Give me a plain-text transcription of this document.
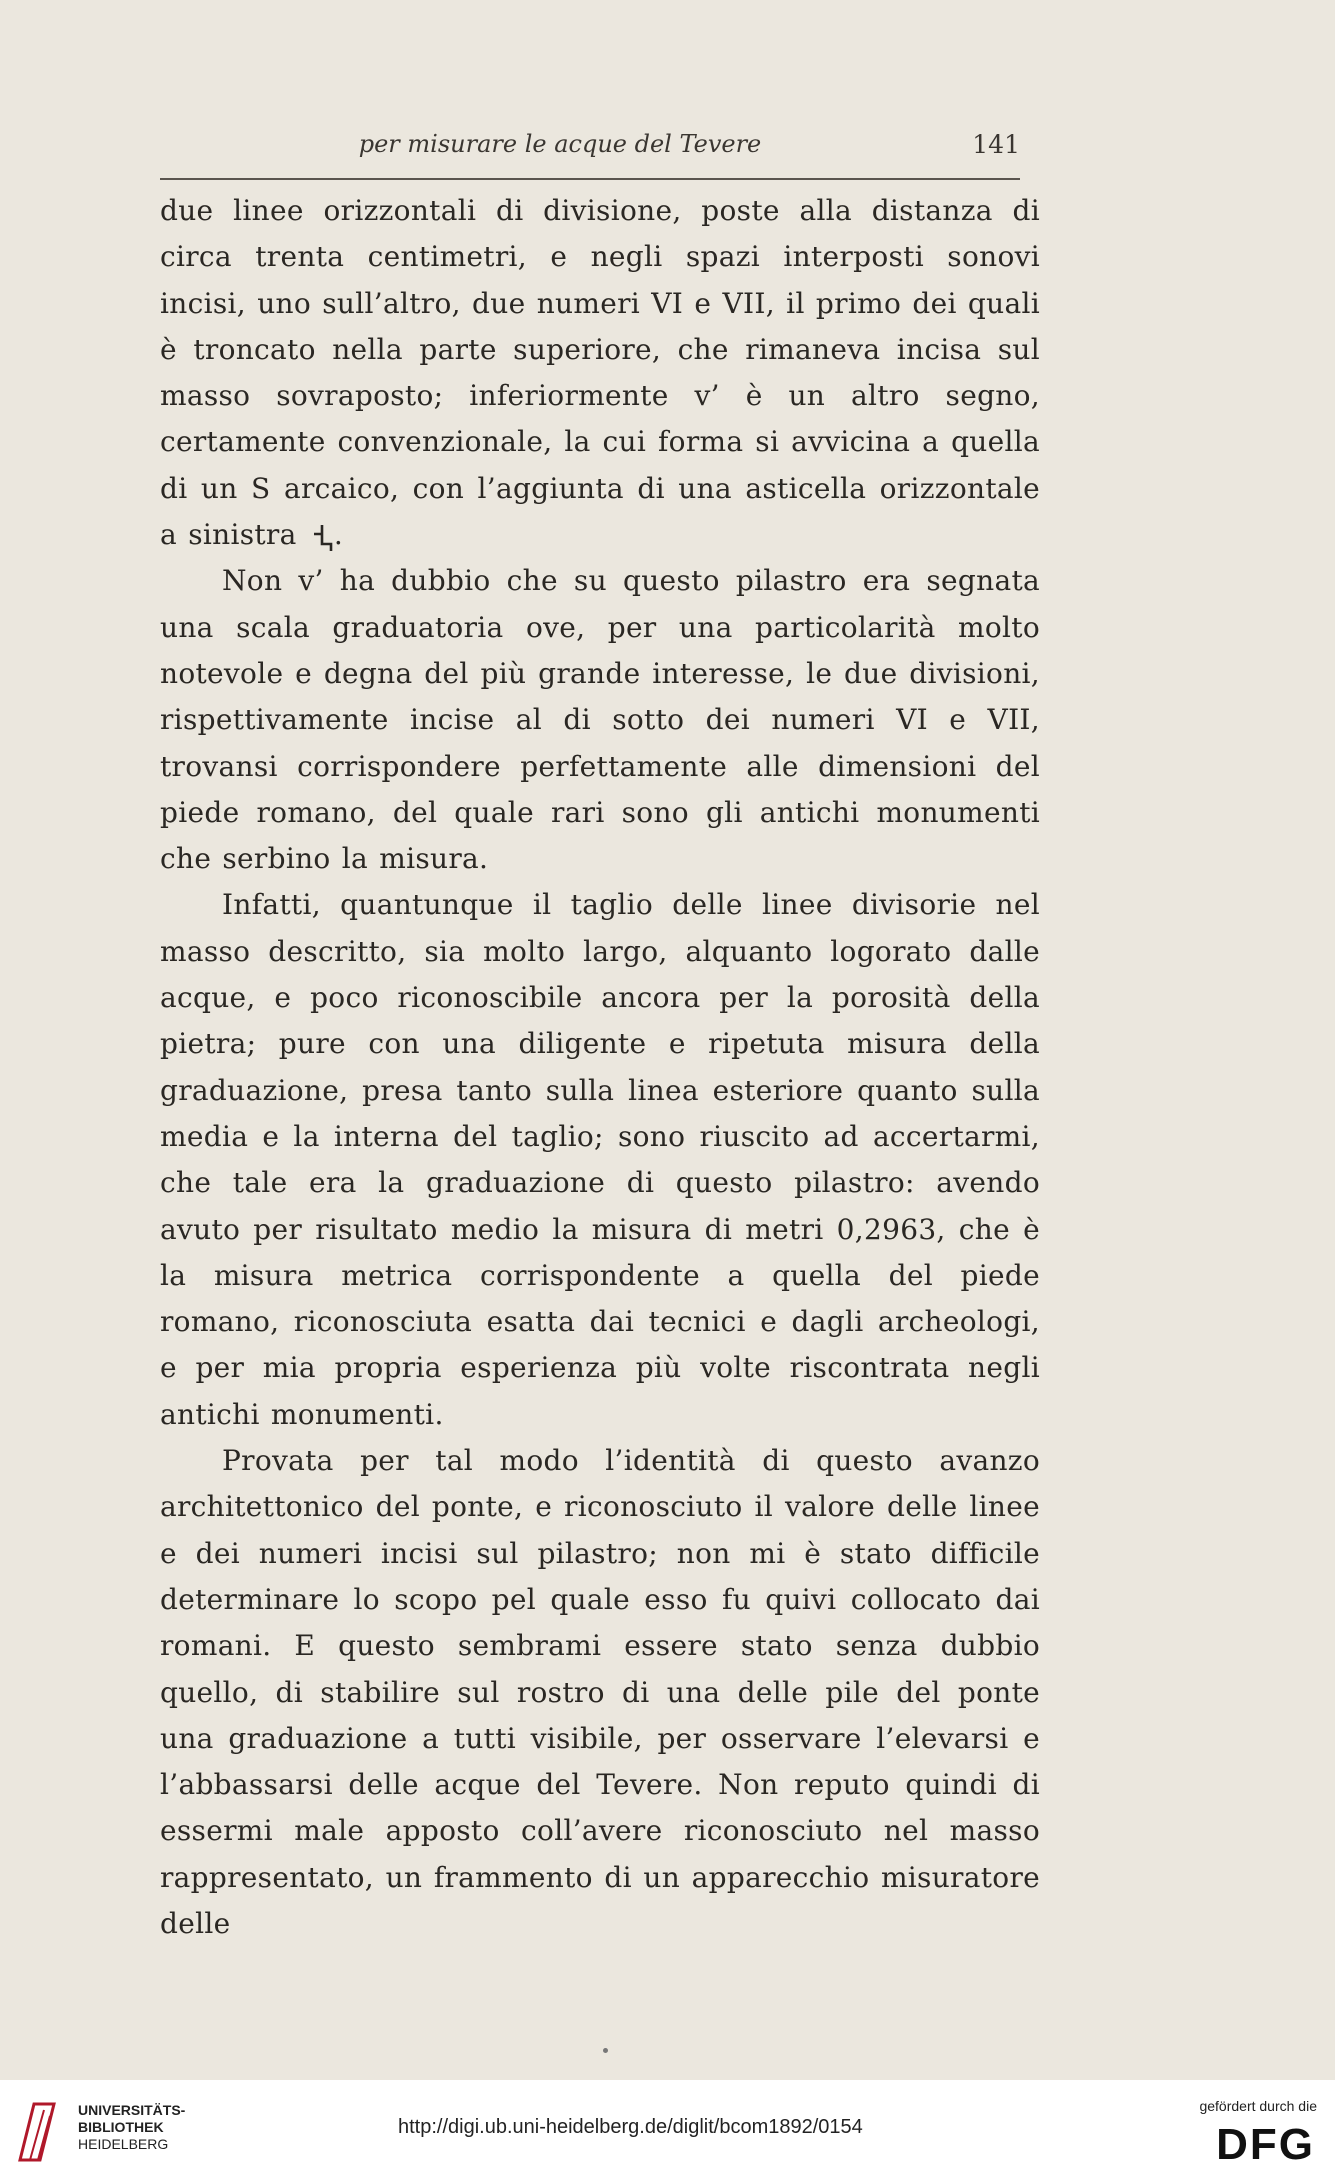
per misurare le acque del Tevere	141

due linee orizzontali di divisione, poste alla distanza di circa trenta centimetri, e negli spazi interposti sonovi incisi, uno sull’altro, due numeri VI e VII, il primo dei quali è troncato nella parte superiore, che rimaneva incisa sul masso sovraposto; inferiormente v’ è un altro segno, certamente convenzionale, la cui forma si avvicina a quella di un S arcaico, con l’aggiunta di una asticella orizzontale a sinistra .

Non v’ ha dubbio che su questo pilastro era segnata una scala graduatoria ove, per una particolarità molto notevole e degna del più grande interesse, le due divisioni, rispettivamente incise al di sotto dei numeri VI e VII, trovansi corrispondere perfettamente alle dimensioni del piede romano, del quale rari sono gli antichi monumenti che serbino la misura.

Infatti, quantunque il taglio delle linee divisorie nel masso descritto, sia molto largo, alquanto logorato dalle acque, e poco riconoscibile ancora per la porosità della pietra; pure con una diligente e ripetuta misura della graduazione, presa tanto sulla linea esteriore quanto sulla media e la interna del taglio; sono riuscito ad accertarmi, che tale era la graduazione di questo pilastro: avendo avuto per risultato medio la misura di metri 0,2963, che è la misura metrica corrispondente a quella del piede romano, riconosciuta esatta dai tecnici e dagli archeologi, e per mia propria esperienza più volte riscontrata negli antichi monumenti.

Provata per tal modo l’identità di questo avanzo architettonico del ponte, e riconosciuto il valore delle linee e dei numeri incisi sul pilastro; non mi è stato difficile determinare lo scopo pel quale esso fu quivi collocato dai romani. E questo sembrami essere stato senza dubbio quello, di stabilire sul rostro di una delle pile del ponte una graduazione a tutti visibile, per osservare l’elevarsi e l’abbassarsi delle acque del Tevere. Non reputo quindi di essermi male apposto coll’avere riconosciuto nel masso rappresentato, un frammento di un apparecchio misuratore delle

UNIVERSITÄTS-
BIBLIOTHEK
HEIDELBERG
http://digi.ub.uni-heidelberg.de/diglit/bcom1892/0154
gefördert durch die
DFG
